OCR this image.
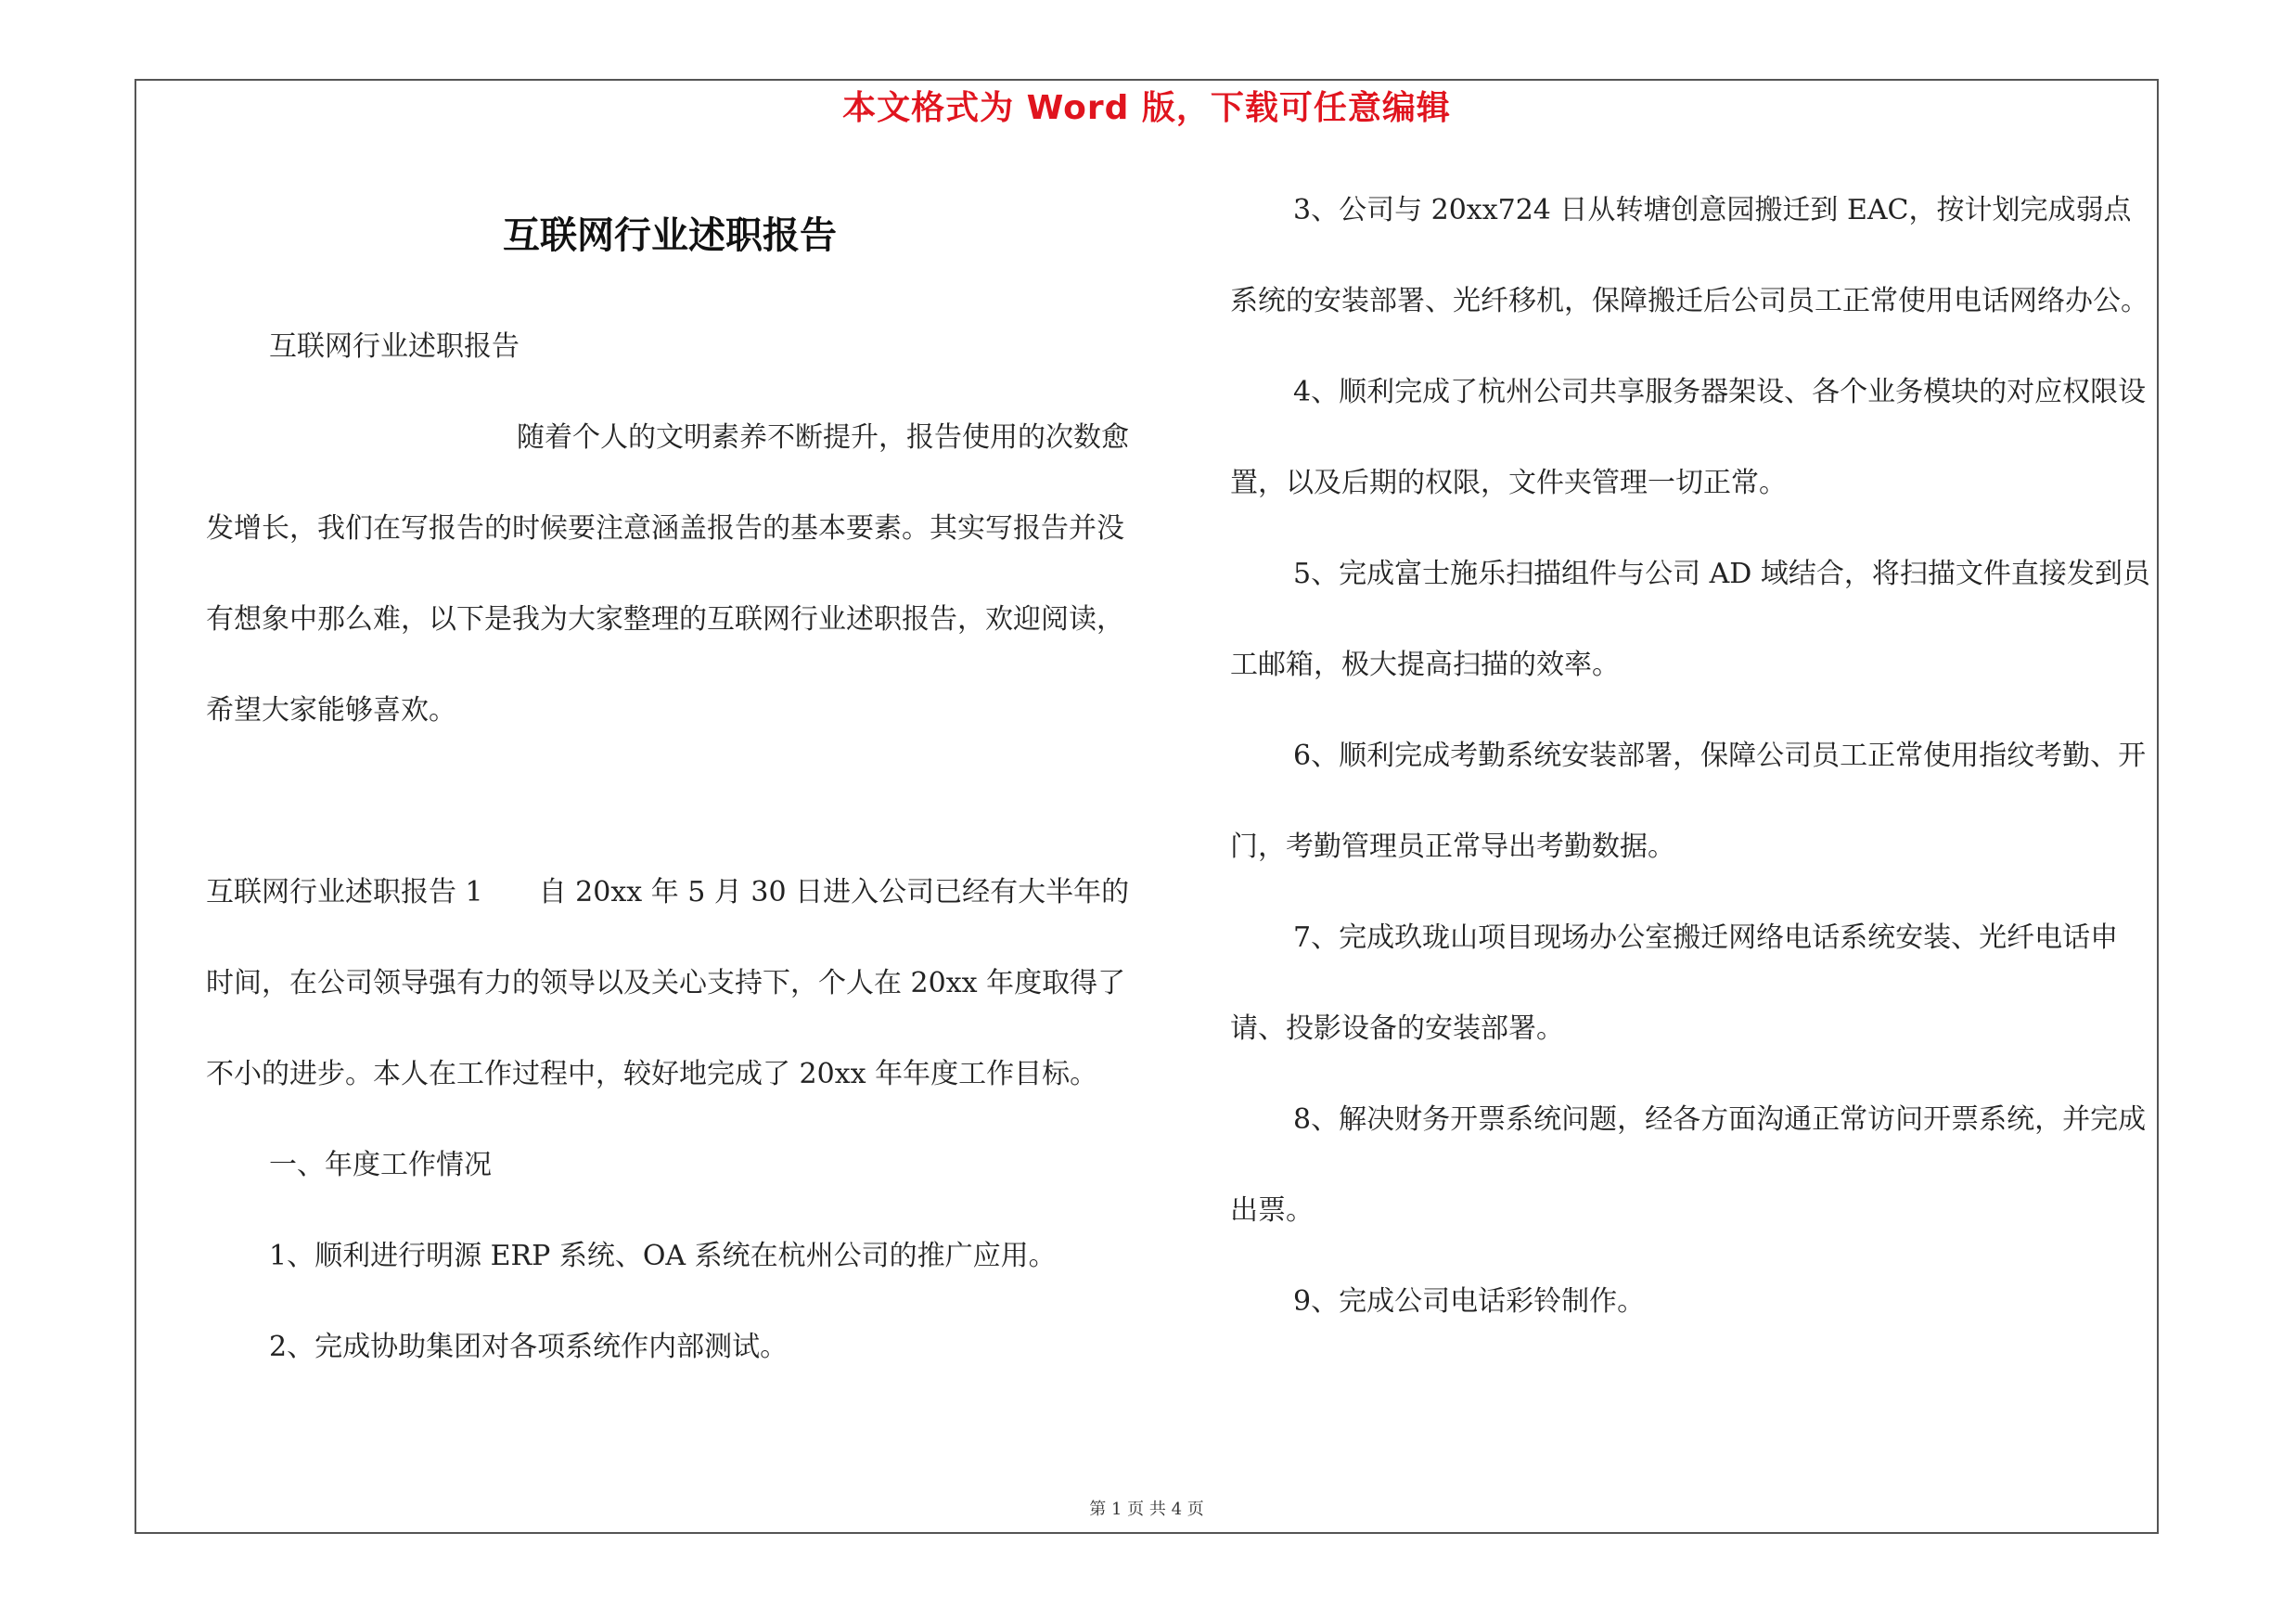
本文格式为 Word 版，下载可任意编辑
互联网行业述职报告

互联网行业述职报告

随着个人的文明素养不断提升，报告使用的次数愈发增长，我们在写报告的时候要注意涵盖报告的基本要素。其实写报告并没有想象中那么难，以下是我为大家整理的互联网行业述职报告，欢迎阅读，希望大家能够喜欢。

互联网行业述职报告 1　　自 20xx 年 5 月 30 日进入公司已经有大半年的时间，在公司领导强有力的领导以及关心支持下，个人在 20xx 年度取得了不小的进步。本人在工作过程中，较好地完成了 20xx 年年度工作目标。

一、年度工作情况

1、顺利进行明源 ERP 系统、OA 系统在杭州公司的推广应用。

2、完成协助集团对各项系统作内部测试。

3、公司与 20xx724 日从转塘创意园搬迁到 EAC，按计划完成弱点系统的安装部署、光纤移机，保障搬迁后公司员工正常使用电话网络办公。

4、顺利完成了杭州公司共享服务器架设、各个业务模块的对应权限设置，以及后期的权限，文件夹管理一切正常。

5、完成富士施乐扫描组件与公司 AD 域结合，将扫描文件直接发到员工邮箱，极大提高扫描的效率。

6、顺利完成考勤系统安装部署，保障公司员工正常使用指纹考勤、开门，考勤管理员正常导出考勤数据。

7、完成玖珑山项目现场办公室搬迁网络电话系统安装、光纤电话申请、投影设备的安装部署。

8、解决财务开票系统问题，经各方面沟通正常访问开票系统，并完成出票。

9、完成公司电话彩铃制作。

第 1 页 共 4 页
